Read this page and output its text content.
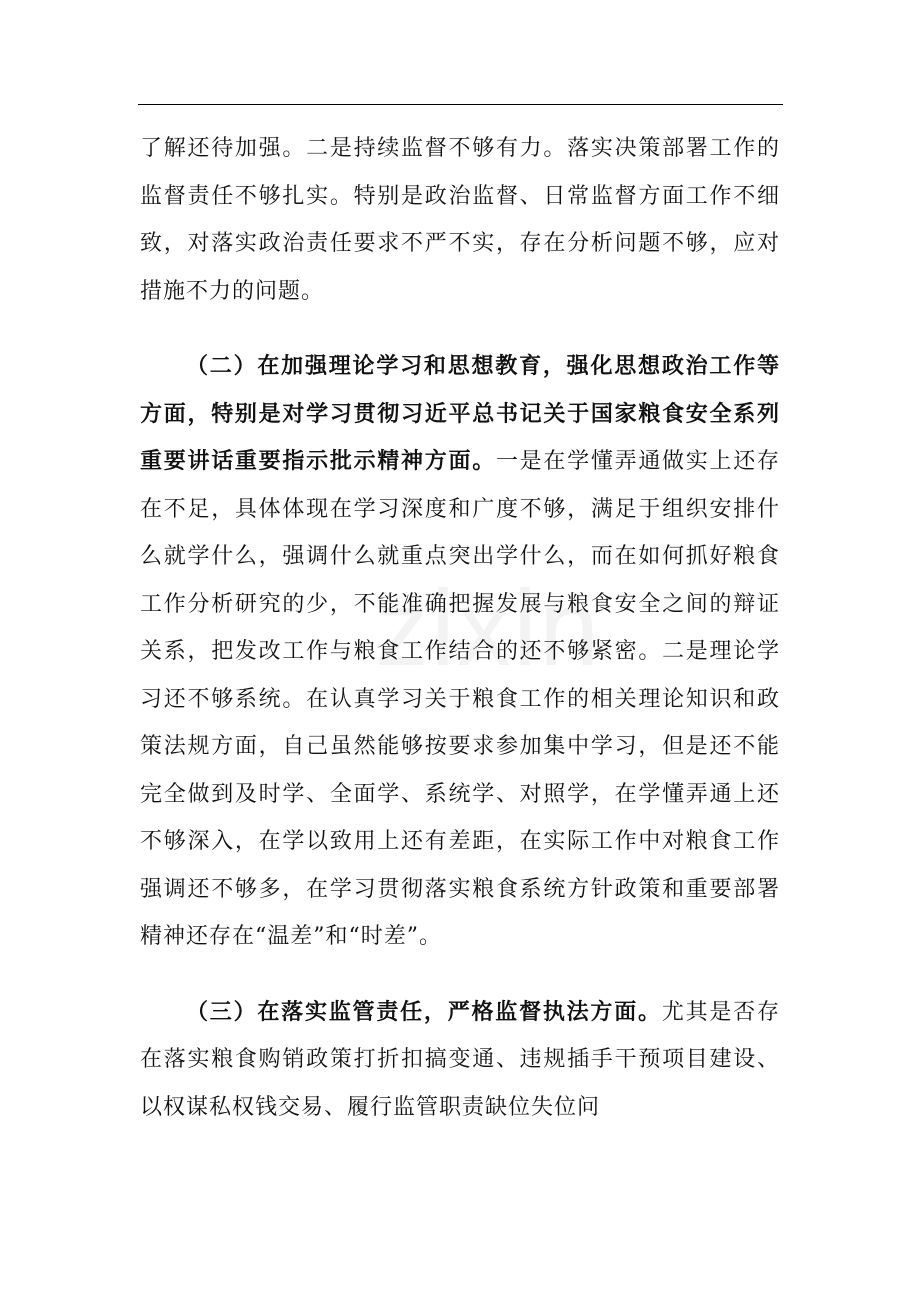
了解还待加强。二是持续监督不够有力。落实决策部署工作的监督责任不够扎实。特别是政治监督、日常监督方面工作不细致，对落实政治责任要求不严不实，存在分析问题不够，应对措施不力的问题。

（二）在加强理论学习和思想教育，强化思想政治工作等方面，特别是对学习贯彻习近平总书记关于国家粮食安全系列重要讲话重要指示批示精神方面。一是在学懂弄通做实上还存在不足，具体体现在学习深度和广度不够，满足于组织安排什么就学什么，强调什么就重点突出学什么，而在如何抓好粮食工作分析研究的少，不能准确把握发展与粮食安全之间的辩证关系，把发改工作与粮食工作结合的还不够紧密。二是理论学习还不够系统。在认真学习关于粮食工作的相关理论知识和政策法规方面，自己虽然能够按要求参加集中学习，但是还不能完全做到及时学、全面学、系统学、对照学，在学懂弄通上还不够深入，在学以致用上还有差距，在实际工作中对粮食工作强调还不够多，在学习贯彻落实粮食系统方针政策和重要部署精神还存在“温差”和“时差”。

（三）在落实监管责任，严格监督执法方面。尤其是否存在落实粮食购销政策打折扣搞变通、违规插手干预项目建设、以权谋私权钱交易、履行监管职责缺位失位问
